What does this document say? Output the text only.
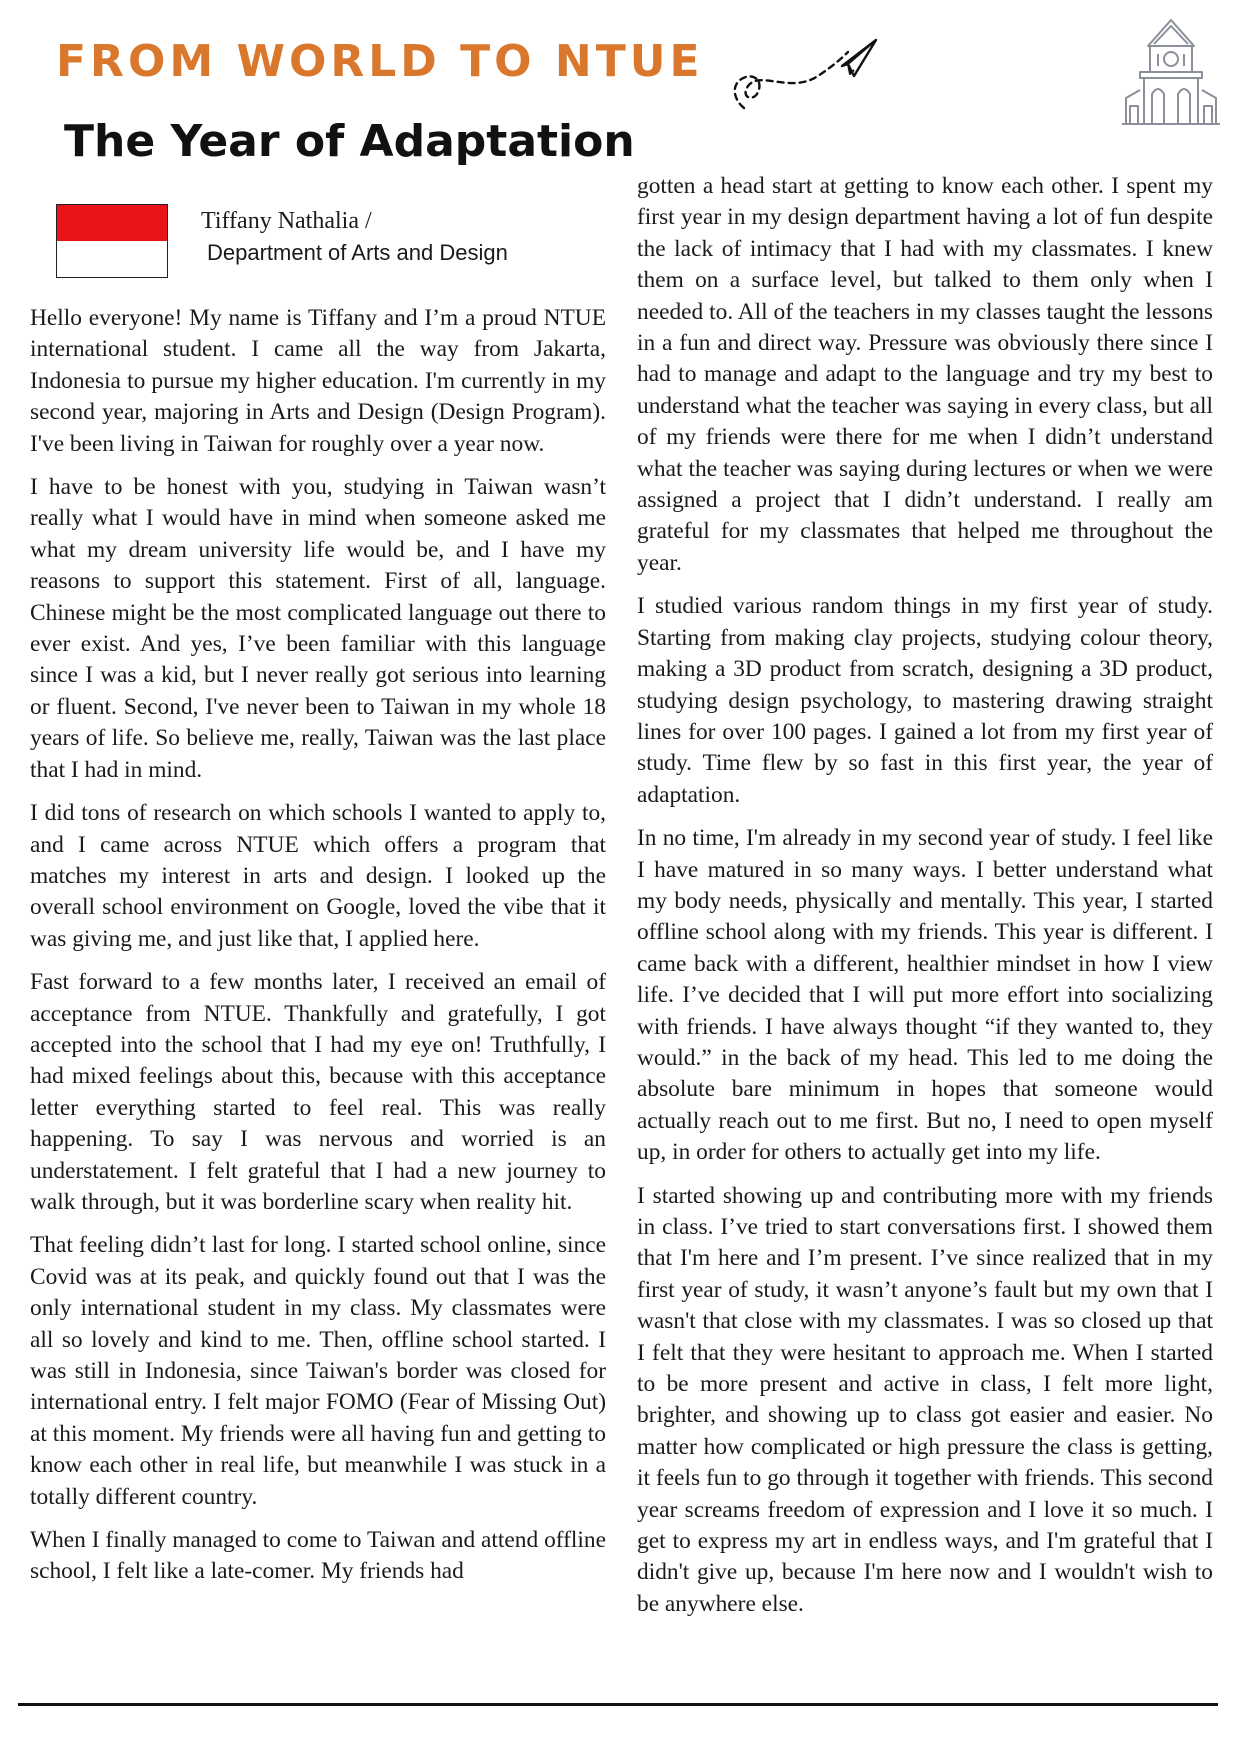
FROM WORLD TO NTUE
The Year of Adaptation
Tiffany Nathalia /
Department of Arts and Design

Hello everyone! My name is Tiffany and I’m a proud NTUE international student. I came all the way from Jakarta, Indonesia to pursue my higher education. I'm currently in my second year, majoring in Arts and Design (Design Program). I've been living in Taiwan for roughly over a year now.

I have to be honest with you, studying in Taiwan wasn’t really what I would have in mind when someone asked me what my dream university life would be, and I have my reasons to support this statement. First of all, language. Chinese might be the most complicated language out there to ever exist. And yes, I’ve been familiar with this language since I was a kid, but I never really got serious into learning or fluent. Second, I've never been to Taiwan in my whole 18 years of life. So believe me, really, Taiwan was the last place that I had in mind.

I did tons of research on which schools I wanted to apply to, and I came across NTUE which offers a program that matches my interest in arts and design. I looked up the overall school environment on Google, loved the vibe that it was giving me, and just like that, I applied here.

Fast forward to a few months later, I received an email of acceptance from NTUE. Thankfully and gratefully, I got accepted into the school that I had my eye on! Truthfully, I had mixed feelings about this, because with this acceptance letter everything started to feel real. This was really happening. To say I was nervous and worried is an understatement. I felt grateful that I had a new journey to walk through, but it was borderline scary when reality hit.

That feeling didn’t last for long. I started school online, since Covid was at its peak, and quickly found out that I was the only international student in my class. My classmates were all so lovely and kind to me. Then, offline school started. I was still in Indonesia, since Taiwan's border was closed for international entry. I felt major FOMO (Fear of Missing Out) at this moment. My friends were all having fun and getting to know each other in real life, but meanwhile I was stuck in a totally different country.

When I finally managed to come to Taiwan and attend offline school, I felt like a late-comer. My friends had

gotten a head start at getting to know each other. I spent my first year in my design department having a lot of fun despite the lack of intimacy that I had with my classmates. I knew them on a surface level, but talked to them only when I needed to. All of the teachers in my classes taught the lessons in a fun and direct way. Pressure was obviously there since I had to manage and adapt to the language and try my best to understand what the teacher was saying in every class, but all of my friends were there for me when I didn’t understand what the teacher was saying during lectures or when we were assigned a project that I didn’t understand. I really am grateful for my classmates that helped me throughout the year.

I studied various random things in my first year of study. Starting from making clay projects, studying colour theory, making a 3D product from scratch, designing a 3D product, studying design psychology, to mastering drawing straight lines for over 100 pages. I gained a lot from my first year of study. Time flew by so fast in this first year, the year of adaptation.

In no time, I'm already in my second year of study. I feel like I have matured in so many ways. I better understand what my body needs, physically and mentally. This year, I started offline school along with my friends. This year is different. I came back with a different, healthier mindset in how I view life. I’ve decided that I will put more effort into socializing with friends. I have always thought “if they wanted to, they would.” in the back of my head. This led to me doing the absolute bare minimum in hopes that someone would actually reach out to me first. But no, I need to open myself up, in order for others to actually get into my life.

I started showing up and contributing more with my friends in class. I’ve tried to start conversations first. I showed them that I'm here and I’m present. I’ve since realized that in my first year of study, it wasn’t anyone’s fault but my own that I wasn't that close with my classmates. I was so closed up that I felt that they were hesitant to approach me. When I started to be more present and active in class, I felt more light, brighter, and showing up to class got easier and easier. No matter how complicated or high pressure the class is getting, it feels fun to go through it together with friends. This second year screams freedom of expression and I love it so much. I get to express my art in endless ways, and I'm grateful that I didn't give up, because I'm here now and I wouldn't wish to be anywhere else.
